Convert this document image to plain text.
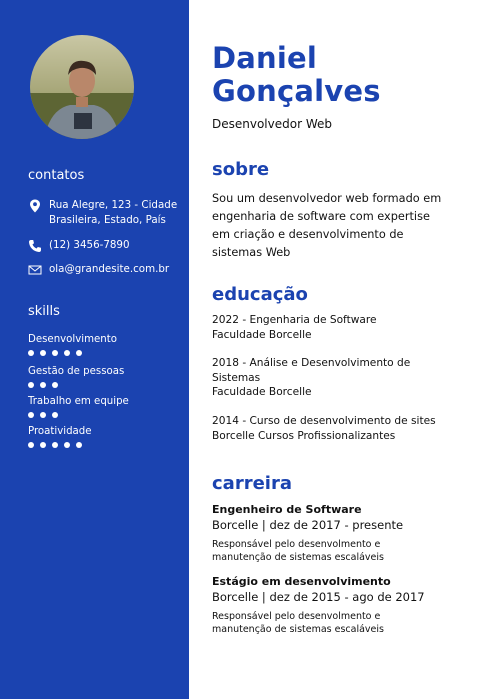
contatos
Rua Alegre, 123 - Cidade Brasileira, Estado, País
(12) 3456-7890
ola@grandesite.com.br
skills
Desenvolvimento
Gestão de pessoas
Trabalho em equipe
Proatividade
Daniel
Gonçalves
Desenvolvedor Web
sobre
Sou um desenvolvedor web formado em engenharia de software com expertise em criação e desenvolvimento de sistemas Web
educação
2022 - Engenharia de Software
Faculdade Borcelle
2018 - Análise e Desenvolvimento de Sistemas
Faculdade Borcelle
2014 - Curso de desenvolvimento de sites
Borcelle Cursos Profissionalizantes
carreira
Engenheiro de Software
Borcelle | dez de 2017 - presente
Responsável pelo desenvolmento e manutenção de sistemas escaláveis
Estágio em desenvolvimento
Borcelle | dez de 2015 - ago de 2017
Responsável pelo desenvolmento e manutenção de sistemas escaláveis
